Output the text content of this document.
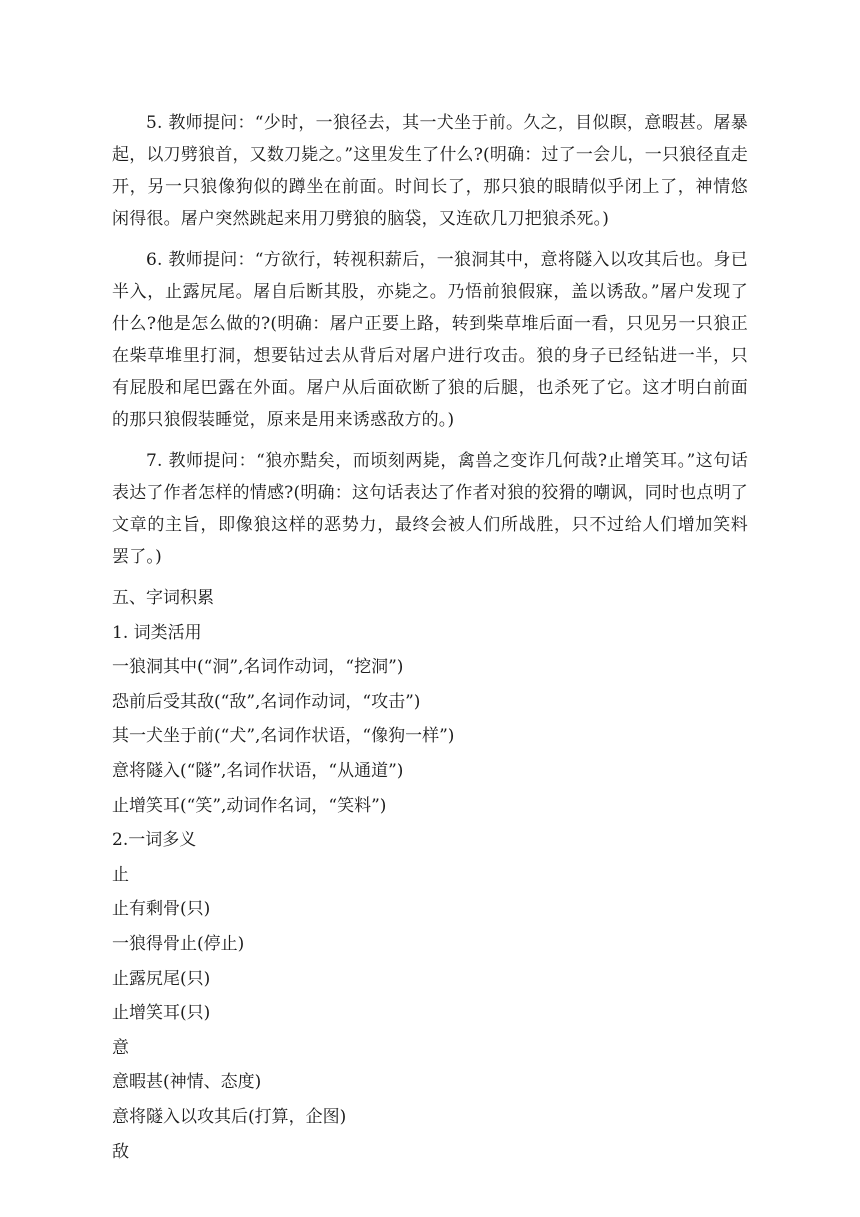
5. 教师提问：“少时，一狼径去，其一犬坐于前。久之，目似瞑，意暇甚。屠暴起，以刀劈狼首，又数刀毙之。”这里发生了什么?(明确：过了一会儿，一只狼径直走开，另一只狼像狗似的蹲坐在前面。时间长了，那只狼的眼睛似乎闭上了，神情悠闲得很。屠户突然跳起来用刀劈狼的脑袋，又连砍几刀把狼杀死。)

6. 教师提问：“方欲行，转视积薪后，一狼洞其中，意将隧入以攻其后也。身已半入，止露尻尾。屠自后断其股，亦毙之。乃悟前狼假寐，盖以诱敌。”屠户发现了什么?他是怎么做的?(明确：屠户正要上路，转到柴草堆后面一看，只见另一只狼正在柴草堆里打洞，想要钻过去从背后对屠户进行攻击。狼的身子已经钻进一半，只有屁股和尾巴露在外面。屠户从后面砍断了狼的后腿，也杀死了它。这才明白前面的那只狼假装睡觉，原来是用来诱惑敌方的。)

7. 教师提问：“狼亦黠矣，而顷刻两毙，禽兽之变诈几何哉?止增笑耳。”这句话表达了作者怎样的情感?(明确：这句话表达了作者对狼的狡猾的嘲讽，同时也点明了文章的主旨，即像狼这样的恶势力，最终会被人们所战胜，只不过给人们增加笑料罢了。)

五、字词积累

1. 词类活用

一狼洞其中(“洞”,名词作动词，“挖洞”)

恐前后受其敌(“敌”,名词作动词，“攻击”)

其一犬坐于前(“犬”,名词作状语，“像狗一样”)

意将隧入(“隧”,名词作状语，“从通道”)

止增笑耳(“笑”,动词作名词，“笑料”)

2.一词多义

止

止有剩骨(只)

一狼得骨止(停止)

止露尻尾(只)

止增笑耳(只)

意

意暇甚(神情、态度)

意将隧入以攻其后(打算，企图)

敌
